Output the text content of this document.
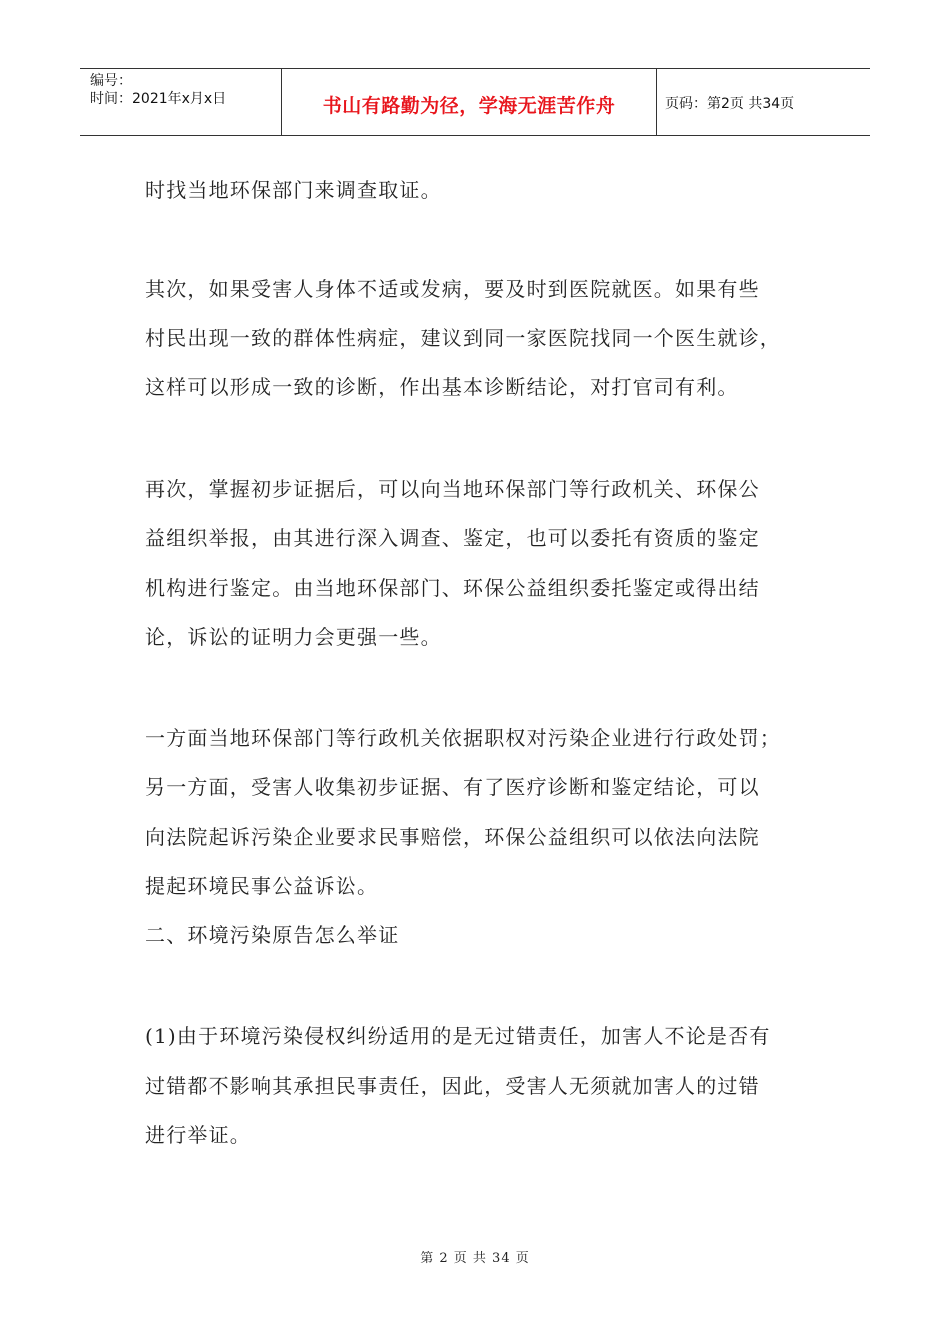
编号：
时间：2021年x月x日	书山有路勤为径，学海无涯苦作舟	页码：第2页 共34页
时找当地环保部门来调查取证。
其次，如果受害人身体不适或发病，要及时到医院就医。如果有些
村民出现一致的群体性病症，建议到同一家医院找同一个医生就诊，
这样可以形成一致的诊断，作出基本诊断结论，对打官司有利。
再次，掌握初步证据后，可以向当地环保部门等行政机关、环保公
益组织举报，由其进行深入调查、鉴定，也可以委托有资质的鉴定
机构进行鉴定。由当地环保部门、环保公益组织委托鉴定或得出结
论，诉讼的证明力会更强一些。
一方面当地环保部门等行政机关依据职权对污染企业进行行政处罚；
另一方面，受害人收集初步证据、有了医疗诊断和鉴定结论，可以
向法院起诉污染企业要求民事赔偿，环保公益组织可以依法向法院
提起环境民事公益诉讼。
二、环境污染原告怎么举证
(1)由于环境污染侵权纠纷适用的是无过错责任，加害人不论是否有
过错都不影响其承担民事责任，因此，受害人无须就加害人的过错
进行举证。
第 2 页 共 34 页
